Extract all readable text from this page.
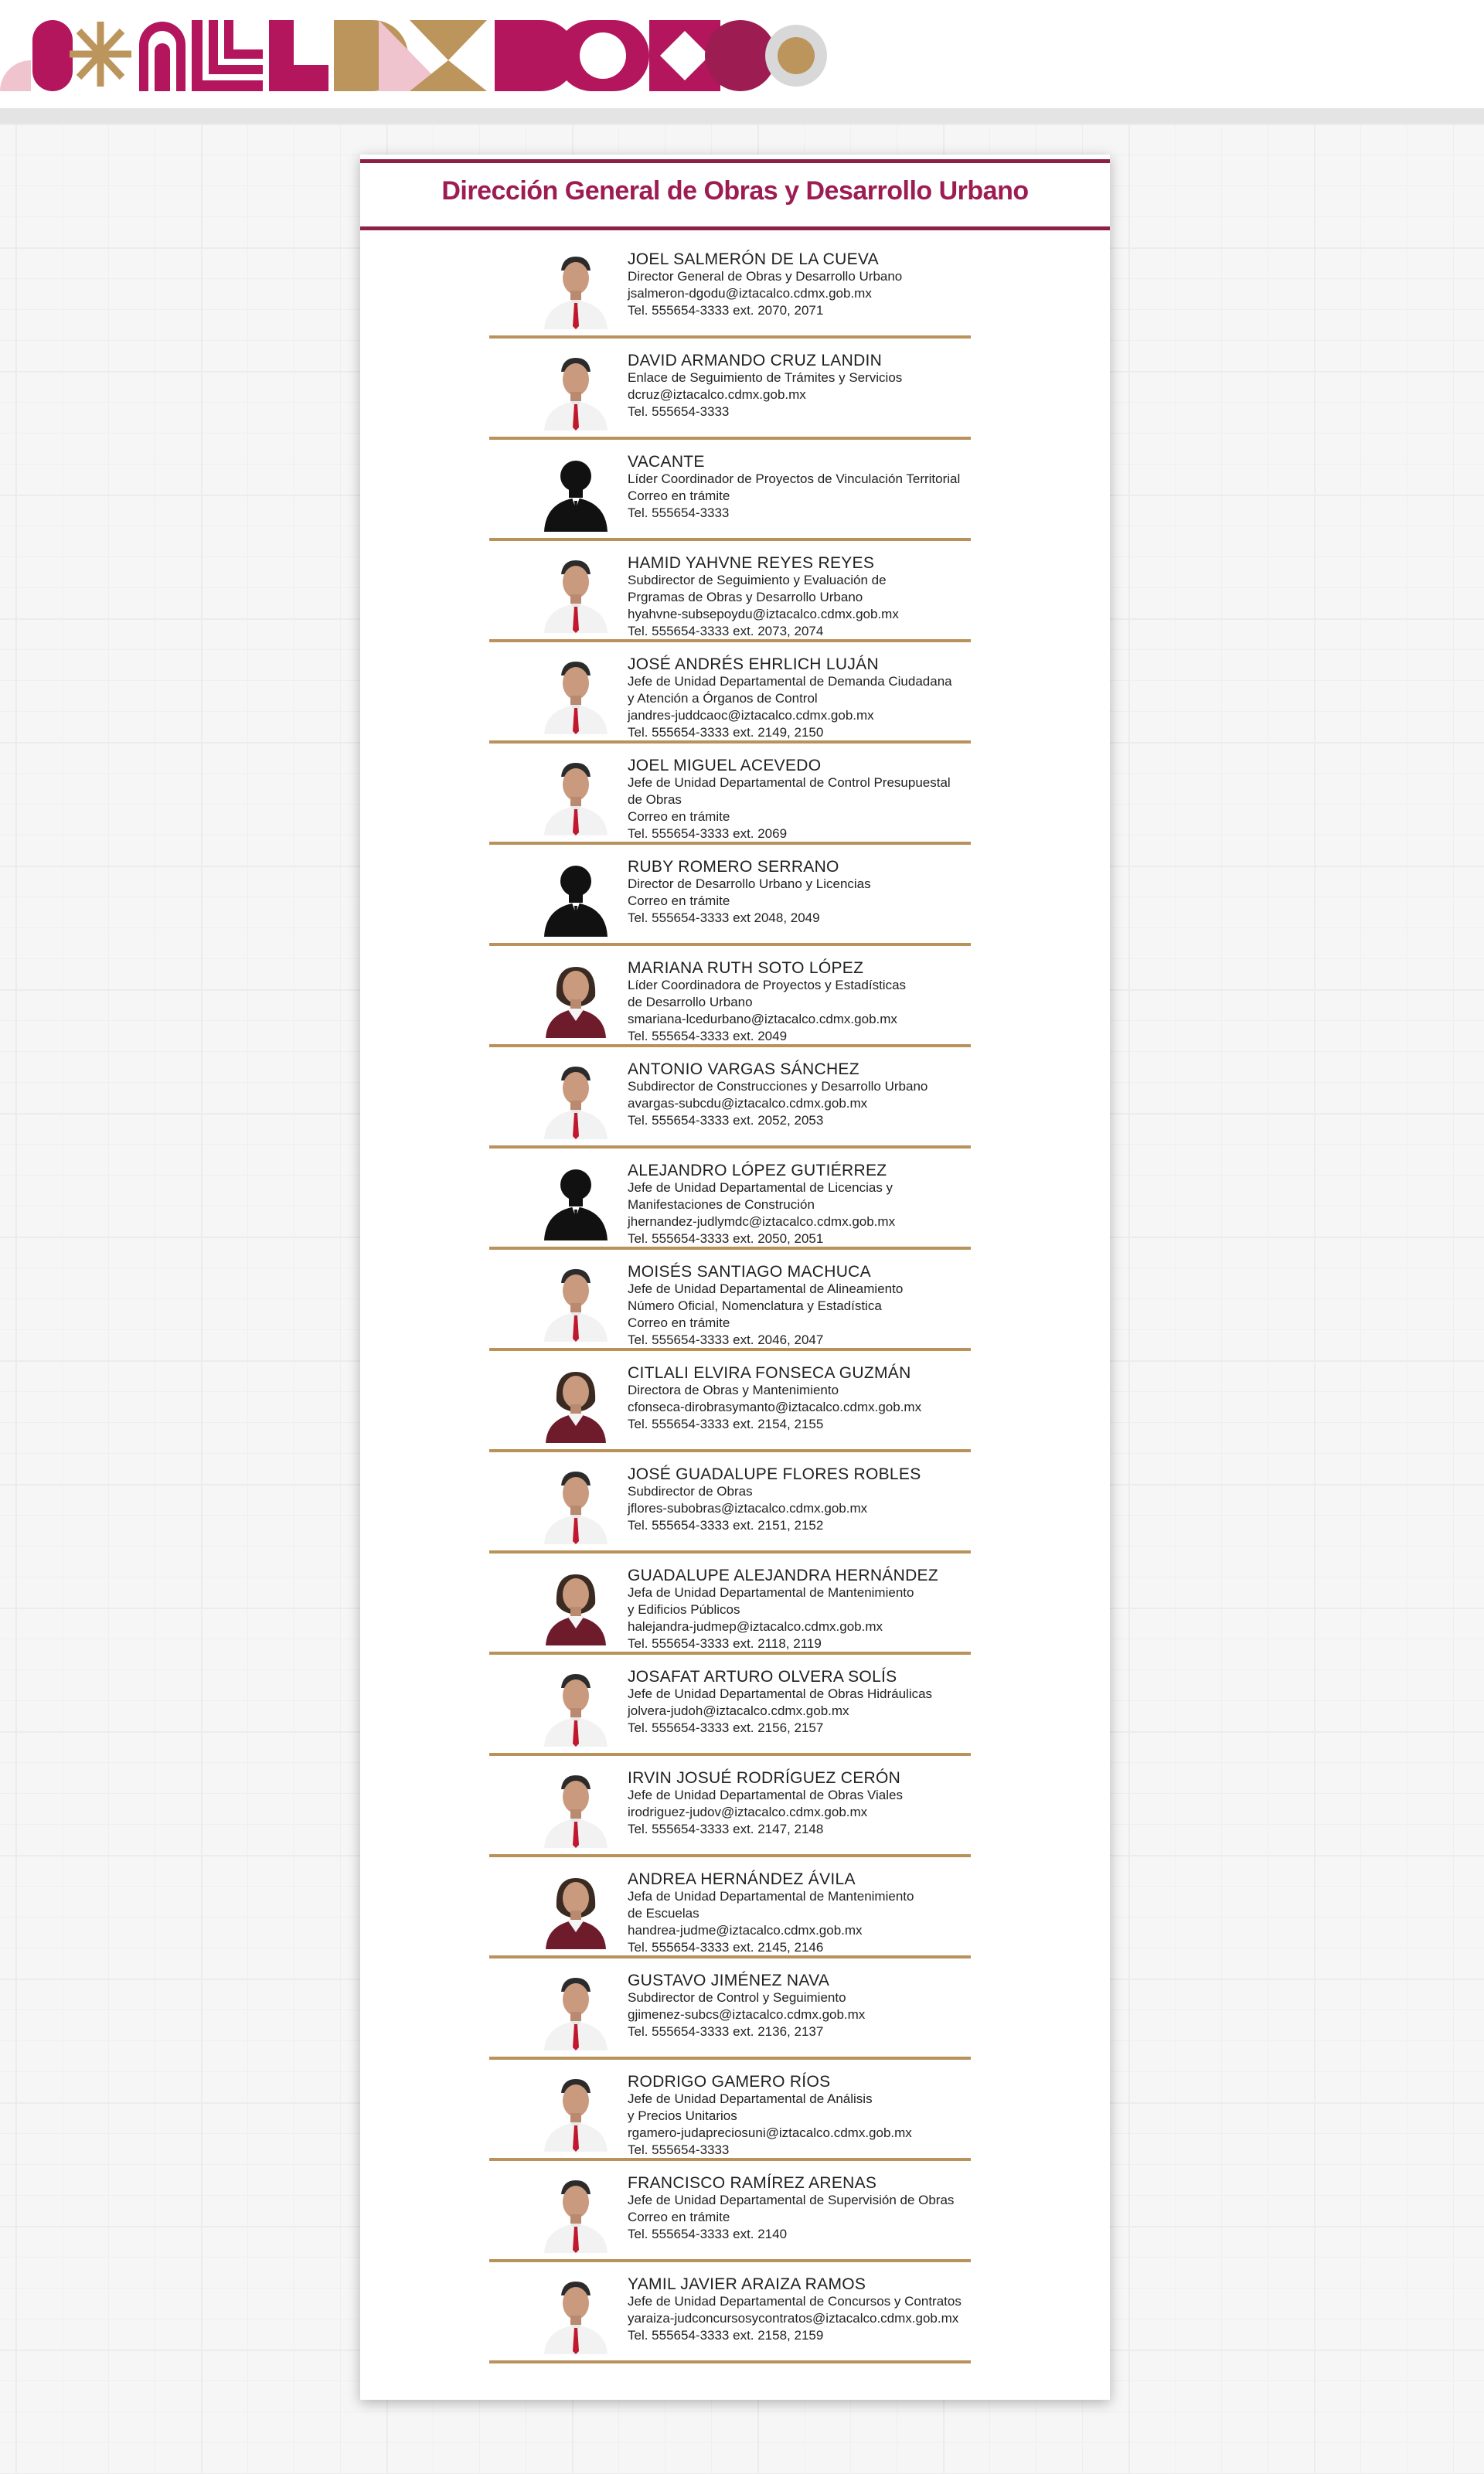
Dirección General de Obras y Desarrollo Urbano
JOEL SALMERÓN DE LA CUEVA
Director General de Obras y Desarrollo Urbano
jsalmeron-dgodu@iztacalco.cdmx.gob.mx
Tel. 555654-3333 ext. 2070, 2071
DAVID ARMANDO CRUZ LANDIN
Enlace de Seguimiento de Trámites y Servicios
dcruz@iztacalco.cdmx.gob.mx
Tel. 555654-3333
VACANTE
Líder Coordinador de Proyectos de Vinculación Territorial
Correo en trámite
Tel. 555654-3333
HAMID YAHVNE REYES REYES
Subdirector de Seguimiento y Evaluación de
Prgramas de Obras y Desarrollo Urbano
hyahvne-subsepoydu@iztacalco.cdmx.gob.mx
Tel. 555654-3333 ext. 2073, 2074
JOSÉ ANDRÉS EHRLICH LUJÁN
Jefe de Unidad Departamental de Demanda Ciudadana
y Atención a Órganos de Control
jandres-juddcaoc@iztacalco.cdmx.gob.mx
Tel. 555654-3333 ext. 2149, 2150
JOEL MIGUEL ACEVEDO
Jefe de Unidad Departamental de Control Presupuestal
de Obras
Correo en trámite
Tel. 555654-3333 ext. 2069
RUBY ROMERO SERRANO
Director de Desarrollo Urbano y Licencias
Correo en trámite
Tel. 555654-3333 ext 2048, 2049
MARIANA RUTH SOTO LÓPEZ
Líder Coordinadora de Proyectos y Estadísticas
de Desarrollo Urbano
smariana-lcedurbano@iztacalco.cdmx.gob.mx
Tel. 555654-3333 ext. 2049
ANTONIO VARGAS SÁNCHEZ
Subdirector de Construcciones y Desarrollo Urbano
avargas-subcdu@iztacalco.cdmx.gob.mx
Tel. 555654-3333 ext. 2052, 2053
ALEJANDRO LÓPEZ GUTIÉRREZ
Jefe de Unidad Departamental de Licencias y
Manifestaciones de Construción
jhernandez-judlymdc@iztacalco.cdmx.gob.mx
Tel. 555654-3333 ext. 2050, 2051
MOISÉS SANTIAGO MACHUCA
Jefe de Unidad Departamental de Alineamiento
Número Oficial, Nomenclatura y Estadística
Correo en trámite
Tel. 555654-3333 ext. 2046, 2047
CITLALI ELVIRA FONSECA GUZMÁN
Directora de Obras y Mantenimiento
cfonseca-dirobrasymanto@iztacalco.cdmx.gob.mx
Tel. 555654-3333 ext. 2154, 2155
JOSÉ GUADALUPE FLORES ROBLES
Subdirector de Obras
jflores-subobras@iztacalco.cdmx.gob.mx
Tel. 555654-3333 ext. 2151, 2152
GUADALUPE ALEJANDRA HERNÁNDEZ
Jefa de Unidad Departamental de Mantenimiento
y Edificios Públicos
halejandra-judmep@iztacalco.cdmx.gob.mx
Tel. 555654-3333 ext. 2118, 2119
JOSAFAT ARTURO OLVERA SOLÍS
Jefe de Unidad Departamental de Obras Hidráulicas
jolvera-judoh@iztacalco.cdmx.gob.mx
Tel. 555654-3333 ext. 2156, 2157
IRVIN JOSUÉ RODRÍGUEZ CERÓN
Jefe de Unidad Departamental de Obras Viales
irodriguez-judov@iztacalco.cdmx.gob.mx
Tel. 555654-3333 ext. 2147, 2148
ANDREA HERNÁNDEZ ÁVILA
Jefa de Unidad Departamental de Mantenimiento
de Escuelas
handrea-judme@iztacalco.cdmx.gob.mx
Tel. 555654-3333 ext. 2145, 2146
GUSTAVO JIMÉNEZ NAVA
Subdirector de Control y Seguimiento
gjimenez-subcs@iztacalco.cdmx.gob.mx
Tel. 555654-3333 ext. 2136, 2137
RODRIGO GAMERO RÍOS
Jefe de Unidad Departamental de Análisis
y Precios Unitarios
rgamero-judapreciosuni@iztacalco.cdmx.gob.mx
Tel. 555654-3333
FRANCISCO RAMÍREZ ARENAS
Jefe de Unidad Departamental de Supervisión de Obras
Correo en trámite
Tel. 555654-3333 ext. 2140
YAMIL JAVIER ARAIZA RAMOS
Jefe de Unidad Departamental de Concursos y Contratos
yaraiza-judconcursosycontratos@iztacalco.cdmx.gob.mx
Tel. 555654-3333 ext. 2158, 2159
